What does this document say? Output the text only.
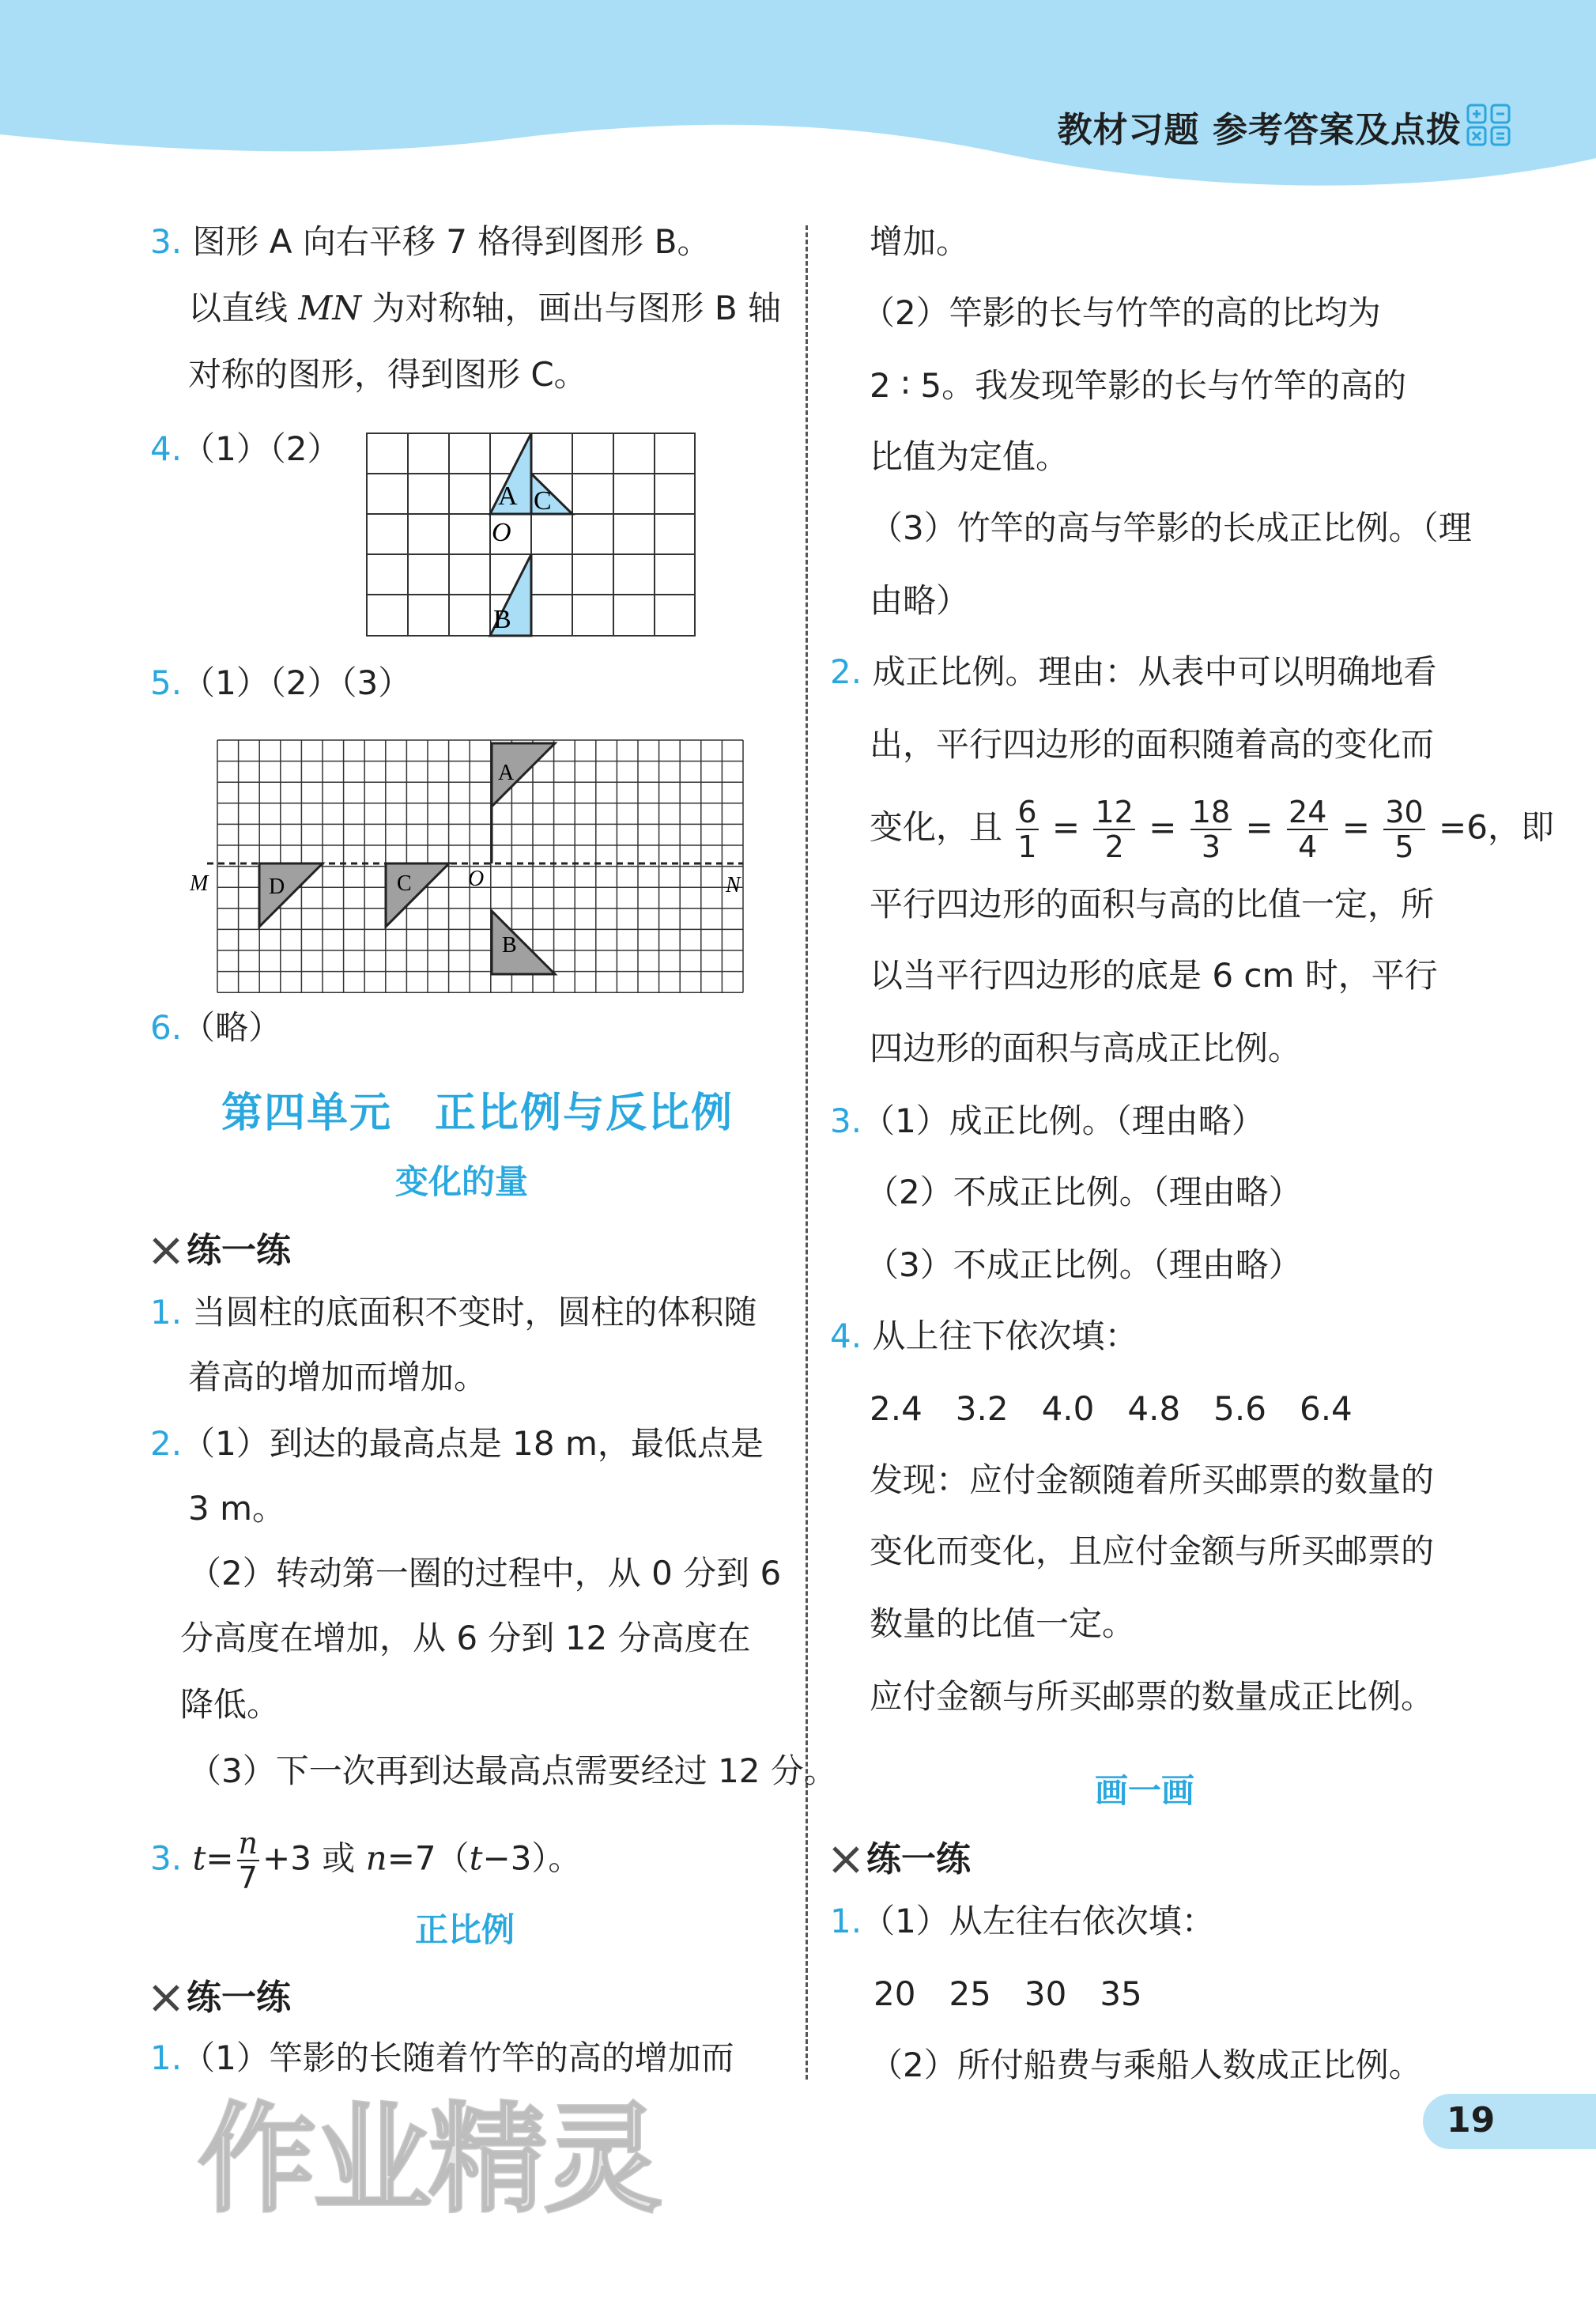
教材习题 参考答案及点拨
3. 图形 A 向右平移 7 格得到图形 B。
以直线 MN 为对称轴，画出与图形 B 轴
对称的图形，得到图形 C。
4.（1）（2）
A C
B
O
5.（1）（2）（3）
A
B
C
D	O
M	N
6.（略）
第四单元　正比例与反比例
变化的量
练一练
1. 当圆柱的底面积不变时，圆柱的体积随
着高的增加而增加。
2.（1）到达的最高点是 18 m，最低点是
3 m。
（2）转动第一圈的过程中，从 0 分到 6
分高度在增加，从 6 分到 12 分高度在
降低。
（3）下一次再到达最高点需要经过 12 分。
3. $t= \frac{n}{7} +3$ 或 n=7（t−3）。
正比例
练一练
1.（1）竿影的长随着竹竿的高的增加而
增加。
（2）竿影的长与竹竿的高的比均为
2 ∶ 5。我发现竿影的长与竹竿的高的
比值为定值。
（3）竹竿的高与竿影的长成正比例。（理
由略）
2. 成正比例。理由：从表中可以明确地看
出，平行四边形的面积随着高的变化而
变化，且 $\frac{6}{1} = \frac{12}{2} = \frac{18}{3} = \frac{24}{4} = \frac{30}{5} =6$，即
平行四边形的面积与高的比值一定，所
以当平行四边形的底是 6 cm 时，平行
四边形的面积与高成正比例。
3.（1）成正比例。（理由略）
（2）不成正比例。（理由略）
（3）不成正比例。（理由略）
4. 从上往下依次填：
2.4　3.2　4.0　4.8　5.6　6.4
发现：应付金额随着所买邮票的数量的
变化而变化，且应付金额与所买邮票的
数量的比值一定。
应付金额与所买邮票的数量成正比例。
画一画
练一练
1.（1）从左往右依次填：
20　25　30　35
（2）所付船费与乘船人数成正比例。
19
作业精灵
